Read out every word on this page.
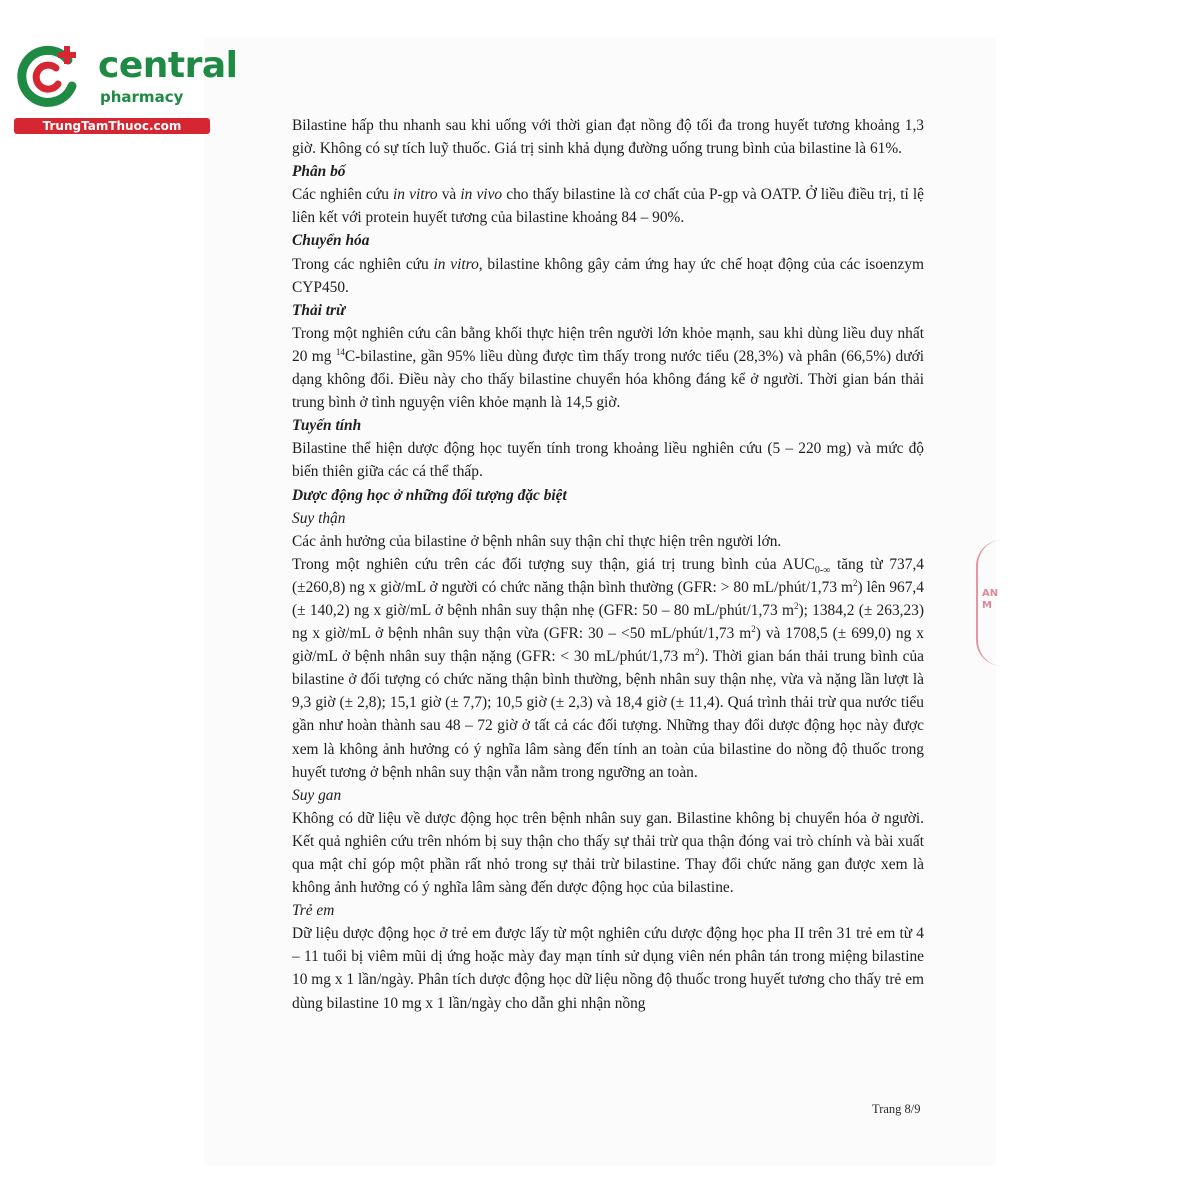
central
pharmacy
TrungTamThuoc.com
AN
M

Bilastine hấp thu nhanh sau khi uống với thời gian đạt nồng độ tối đa trong huyết tương khoảng 1,3 giờ. Không có sự tích luỹ thuốc. Giá trị sinh khả dụng đường uống trung bình của bilastine là 61%.

Phân bố

Các nghiên cứu in vitro và in vivo cho thấy bilastine là cơ chất của P-gp và OATP. Ở liều điều trị, tỉ lệ liên kết với protein huyết tương của bilastine khoảng 84 – 90%.

Chuyển hóa

Trong các nghiên cứu in vitro, bilastine không gây cảm ứng hay ức chế hoạt động của các isoenzym CYP450.

Thải trừ

Trong một nghiên cứu cân bằng khối thực hiện trên người lớn khỏe mạnh, sau khi dùng liều duy nhất 20 mg $^{14}$C-bilastine, gần 95% liều dùng được tìm thấy trong nước tiểu (28,3%) và phân (66,5%) dưới dạng không đổi. Điều này cho thấy bilastine chuyển hóa không đáng kể ở người. Thời gian bán thải trung bình ở tình nguyện viên khỏe mạnh là 14,5 giờ.

Tuyến tính

Bilastine thể hiện dược động học tuyến tính trong khoảng liều nghiên cứu (5 – 220 mg) và mức độ biến thiên giữa các cá thể thấp.

Dược động học ở những đối tượng đặc biệt

Suy thận

Các ảnh hưởng của bilastine ở bệnh nhân suy thận chỉ thực hiện trên người lớn.

Trong một nghiên cứu trên các đối tượng suy thận, giá trị trung bình của $AUC_{0-\infty}$ tăng từ 737,4 (±260,8) ng x giờ/mL ở người có chức năng thận bình thường (GFR: > 80 mL/phút/1,73 $m^2$) lên 967,4 (± 140,2) ng x giờ/mL ở bệnh nhân suy thận nhẹ (GFR: 50 – 80 mL/phút/1,73 $m^2$); 1384,2 (± 263,23) ng x giờ/mL ở bệnh nhân suy thận vừa (GFR: 30 – <50 mL/phút/1,73 $m^2$) và 1708,5 (± 699,0) ng x giờ/mL ở bệnh nhân suy thận nặng (GFR: < 30 mL/phút/1,73 $m^2$). Thời gian bán thải trung bình của bilastine ở đối tượng có chức năng thận bình thường, bệnh nhân suy thận nhẹ, vừa và nặng lần lượt là 9,3 giờ (± 2,8); 15,1 giờ (± 7,7); 10,5 giờ (± 2,3) và 18,4 giờ (± 11,4). Quá trình thải trừ qua nước tiểu gần như hoàn thành sau 48 – 72 giờ ở tất cả các đối tượng. Những thay đổi dược động học này được xem là không ảnh hưởng có ý nghĩa lâm sàng đến tính an toàn của bilastine do nồng độ thuốc trong huyết tương ở bệnh nhân suy thận vẫn nằm trong ngưỡng an toàn.

Suy gan

Không có dữ liệu về dược động học trên bệnh nhân suy gan. Bilastine không bị chuyển hóa ở người. Kết quả nghiên cứu trên nhóm bị suy thận cho thấy sự thải trừ qua thận đóng vai trò chính và bài xuất qua mật chỉ góp một phần rất nhỏ trong sự thải trừ bilastine. Thay đổi chức năng gan được xem là không ảnh hưởng có ý nghĩa lâm sàng đến dược động học của bilastine.

Trẻ em

Dữ liệu dược động học ở trẻ em được lấy từ một nghiên cứu dược động học pha II trên 31 trẻ em từ 4 – 11 tuổi bị viêm mũi dị ứng hoặc mày đay mạn tính sử dụng viên nén phân tán trong miệng bilastine 10 mg x 1 lần/ngày. Phân tích dược động học dữ liệu nồng độ thuốc trong huyết tương cho thấy trẻ em dùng bilastine 10 mg x 1 lần/ngày cho dẫn ghi nhận nồng

Trang 8/9
